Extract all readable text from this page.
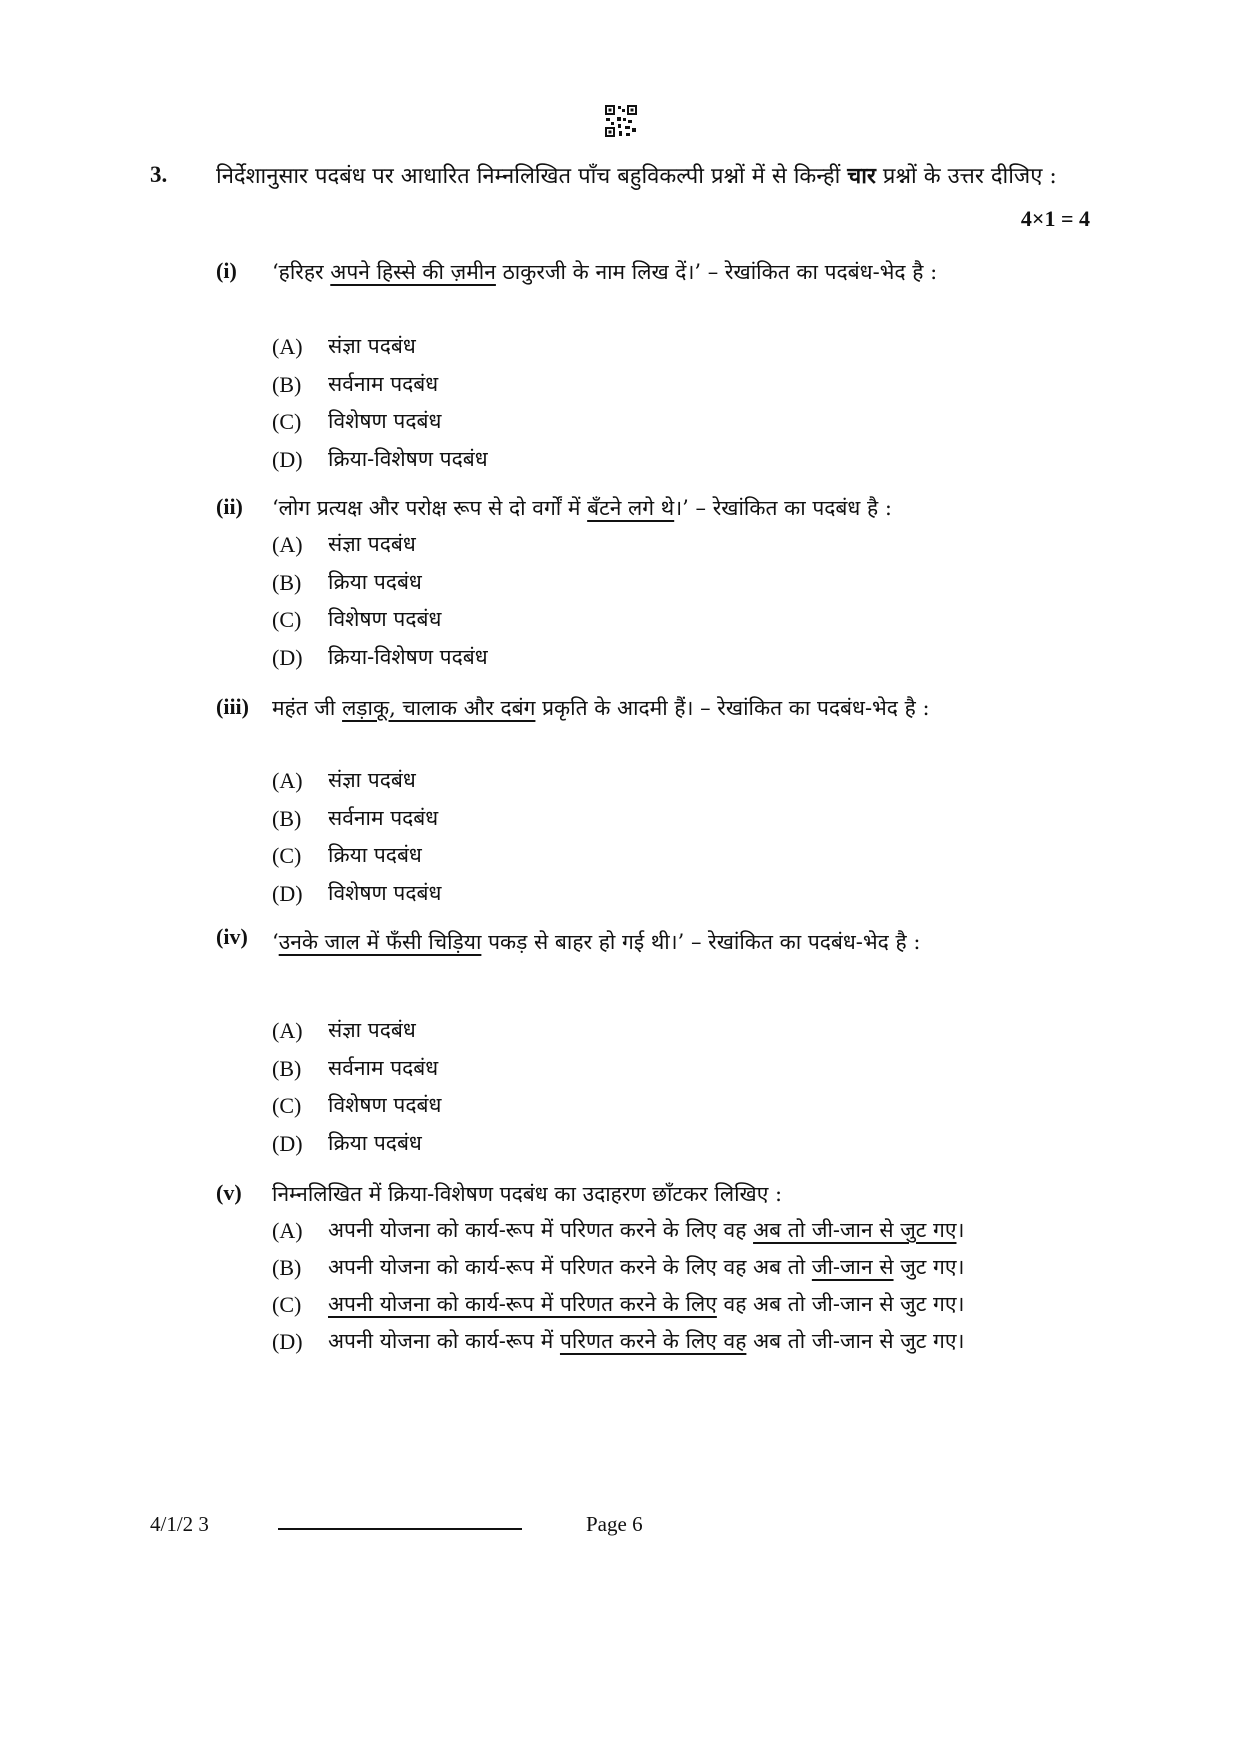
3. निर्देशानुसार पदबंध पर आधारित निम्नलिखित पाँच बहुविकल्पी प्रश्नों में से किन्हीं चार प्रश्नों के उत्तर दीजिए :
4×1 = 4
(i) ‘हरिहर अपने हिस्से की ज़मीन ठाकुरजी के नाम लिख दें।’ – रेखांकित का पदबंध-भेद है :
(A)	संज्ञा पदबंध
(B)	सर्वनाम पदबंध
(C)	विशेषण पदबंध
(D)	क्रिया-विशेषण पदबंध
(ii) ‘लोग प्रत्यक्ष और परोक्ष रूप से दो वर्गों में बँटने लगे थे।’ – रेखांकित का पदबंध है :
(A)	संज्ञा पदबंध
(B)	क्रिया पदबंध
(C)	विशेषण पदबंध
(D)	क्रिया-विशेषण पदबंध
(iii) महंत जी लड़ाकू, चालाक और दबंग प्रकृति के आदमी हैं। – रेखांकित का पदबंध-भेद है :
(A)	संज्ञा पदबंध
(B)	सर्वनाम पदबंध
(C)	क्रिया पदबंध
(D)	विशेषण पदबंध
(iv) ‘उनके जाल में फँसी चिड़िया पकड़ से बाहर हो गई थी।’ – रेखांकित का पदबंध-भेद है :
(A)	संज्ञा पदबंध
(B)	सर्वनाम पदबंध
(C)	विशेषण पदबंध
(D)	क्रिया पदबंध
(v) निम्नलिखित में क्रिया-विशेषण पदबंध का उदाहरण छाँटकर लिखिए :
(A)	अपनी योजना को कार्य-रूप में परिणत करने के लिए वह अब तो जी-जान से जुट गए।
(B)	अपनी योजना को कार्य-रूप में परिणत करने के लिए वह अब तो जी-जान से जुट गए।
(C)	अपनी योजना को कार्य-रूप में परिणत करने के लिए वह अब तो जी-जान से जुट गए।
(D)	अपनी योजना को कार्य-रूप में परिणत करने के लिए वह अब तो जी-जान से जुट गए।
4/1/2 3	Page 6
